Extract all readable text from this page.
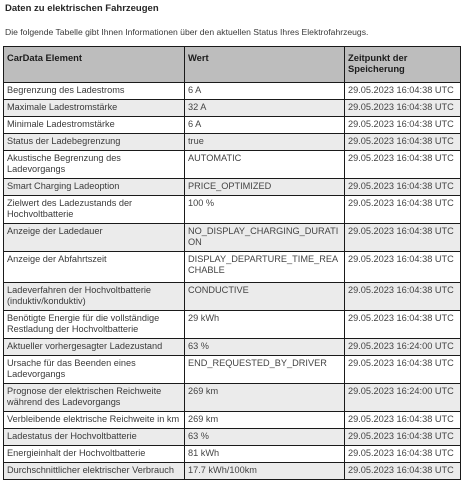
Daten zu elektrischen Fahrzeugen
Die folgende Tabelle gibt Ihnen Informationen über den aktuellen Status Ihres Elektrofahrzeugs.
CarData Element	Wert	Zeitpunkt der Speicherung
Begrenzung des Ladestroms	6 A	29.05.2023 16:04:38 UTC
Maximale Ladestromstärke	32 A	29.05.2023 16:04:38 UTC
Minimale Ladestromstärke	6 A	29.05.2023 16:04:38 UTC
Status der Ladebegrenzung	true	29.05.2023 16:04:38 UTC
Akustische Begrenzung des Ladevorgangs	AUTOMATIC	29.05.2023 16:04:38 UTC
Smart Charging Ladeoption	PRICE_OPTIMIZED	29.05.2023 16:04:38 UTC
Zielwert des Ladezustands der Hochvoltbatterie	100 %	29.05.2023 16:04:38 UTC
Anzeige der Ladedauer	NO_DISPLAY_CHARGING_DURATION	29.05.2023 16:04:38 UTC
Anzeige der Abfahrtszeit	DISPLAY_DEPARTURE_TIME_REACHABLE	29.05.2023 16:04:38 UTC
Ladeverfahren der Hochvoltbatterie (induktiv/konduktiv)	CONDUCTIVE	29.05.2023 16:04:38 UTC
Benötigte Energie für die vollständige Restladung der Hochvoltbatterie	29 kWh	29.05.2023 16:04:38 UTC
Aktueller vorhergesagter Ladezustand	63 %	29.05.2023 16:24:00 UTC
Ursache für das Beenden eines Ladevorgangs	END_REQUESTED_BY_DRIVER	29.05.2023 16:04:38 UTC
Prognose der elektrischen Reichweite während des Ladevorgangs	269 km	29.05.2023 16:24:00 UTC
Verbleibende elektrische Reichweite in km	269 km	29.05.2023 16:04:38 UTC
Ladestatus der Hochvoltbatterie	63 %	29.05.2023 16:04:38 UTC
Energieinhalt der Hochvoltbatterie	81 kWh	29.05.2023 16:04:38 UTC
Durchschnittlicher elektrischer Verbrauch	17.7 kWh/100km	29.05.2023 16:04:38 UTC
